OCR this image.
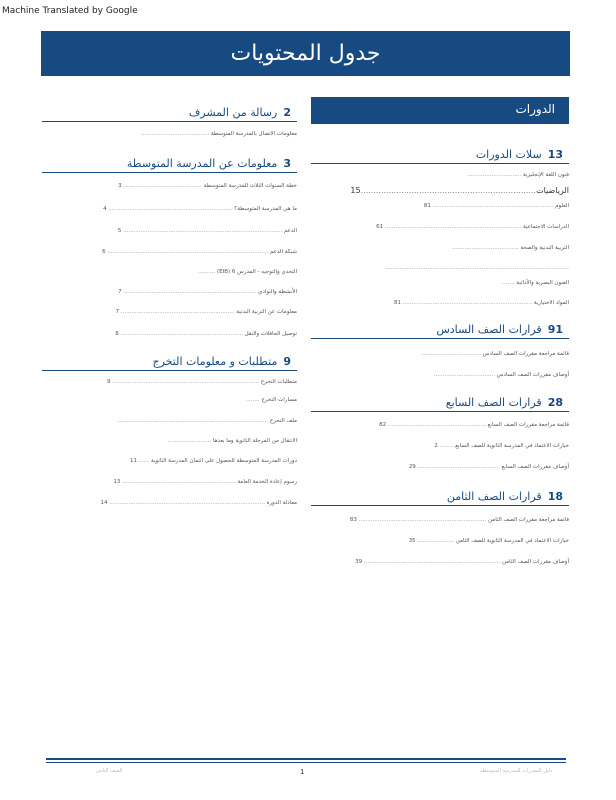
Machine Translated by Google
جدول المحتويات
الدورات
13سلات الدورات
فنون اللغة الإنجليزية ...............................
الرياضيات.....................................................................15
العلوم ..................................................................... 81
الدراسات الاجتماعية .............................................................................. 61
التربية البدنية والصحة ......................................
.........................................................................................................
الفنون البصرية والأدائية .......
المواد الاختيارية .......................................................................... 81
91قرارات الصف السادس
قائمة مراجعة مقررات الصف السادس ..................................
أوصاف مقررات الصف السادس ...................................
28قرارات الصف السابع
قائمة مراجعة مقررات الصف السابع ........................................................ 82
خيارات الاعتماد في المدرسة الثانوية للصف السابع..........2
أوصاف مقررات الصف السابع ............................................... 29
18قرارات الصف الثامن
قائمة مراجعة مقررات الصف الثامن ......................................................................... 83
خيارات الاعتماد في المدرسة الثانوية للصف الثامن ..................... 35
أوصاف مقررات الصف الثامن .............................................................................. 39
2رسالة من المشرف
معلومات الاتصال بالمدرسة المتوسطة .......................................
3معلومات عن المدرسة المتوسطة
خطة السنوات الثلاث للمدرسة المتوسطة ............................................. 3
ما هي المدرسة المتوسطة؟ ....................................................................... 4
الدعم ........................................................................................... 5
شبكة الدعم ............................................................................................ 6
التحدي والتوجيه - المدرس 6 (EIB) ..........
الأنشطة والنوادي ............................................................................ 7
معلومات عن التربية البدنية ................................................................. 7
توصيل الحافلات والنقل ...................................................................... 8
9متطلبات و معلومات التخرج
متطلبات التخرج .................................................................................... 9
مسارات التخرج ........
ملف التخرج ......................................................................................
الانتقال من المرحلة الثانوية وما بعدها .........................
دورات المدرسة المتوسطة للحصول على ائتمان المدرسة الثانوية ...... 11
رسوم إعادة الخدمة العامة ................................................................. 13
معادلة الدورة ......................................................................................... 14
الصف الثامن	1	دليل المقررات للمدرسة المتوسطة
